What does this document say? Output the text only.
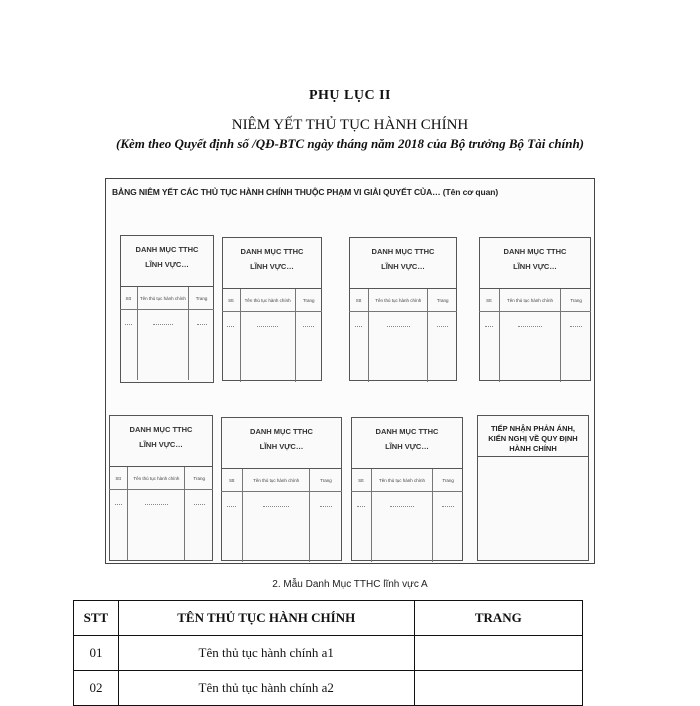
PHỤ LỤC II
NIÊM YẾT THỦ TỤC HÀNH CHÍNH
(Kèm theo Quyết định số /QĐ-BTC ngày tháng năm 2018 của Bộ trưởng Bộ Tài chính)
BẢNG NIÊM YẾT CÁC THỦ TỤC HÀNH CHÍNH THUỘC PHẠM VI GIẢI QUYẾT CỦA… (Tên cơ quan)
DANH MỤC TTHC
LĨNH VỰC…
Stt	Tên thủ tục hành chính	Trang
DANH MỤC TTHC
LĨNH VỰC…
Stt	Tên thủ tục hành chính	Trang
DANH MỤC TTHC
LĨNH VỰC…
Stt	Tên thủ tục hành chính	Trang
DANH MỤC TTHC
LĨNH VỰC…
Stt	Tên thủ tục hành chính	Trang
DANH MỤC TTHC
LĨNH VỰC…
Stt	Tên thủ tục hành chính	Trang
DANH MỤC TTHC
LĨNH VỰC…
Stt	Tên thủ tục hành chính	Trang
DANH MỤC TTHC
LĨNH VỰC…
Stt	Tên thủ tục hành chính	Trang
TIẾP NHẬN PHẢN ÁNH, KIẾN NGHỊ VỀ QUY ĐỊNH HÀNH CHÍNH
2. Mẫu Danh Mục TTHC lĩnh vực A
STT	TÊN THỦ TỤC HÀNH CHÍNH	TRANG
01	Tên thủ tục hành chính a1	
02	Tên thủ tục hành chính a2	
